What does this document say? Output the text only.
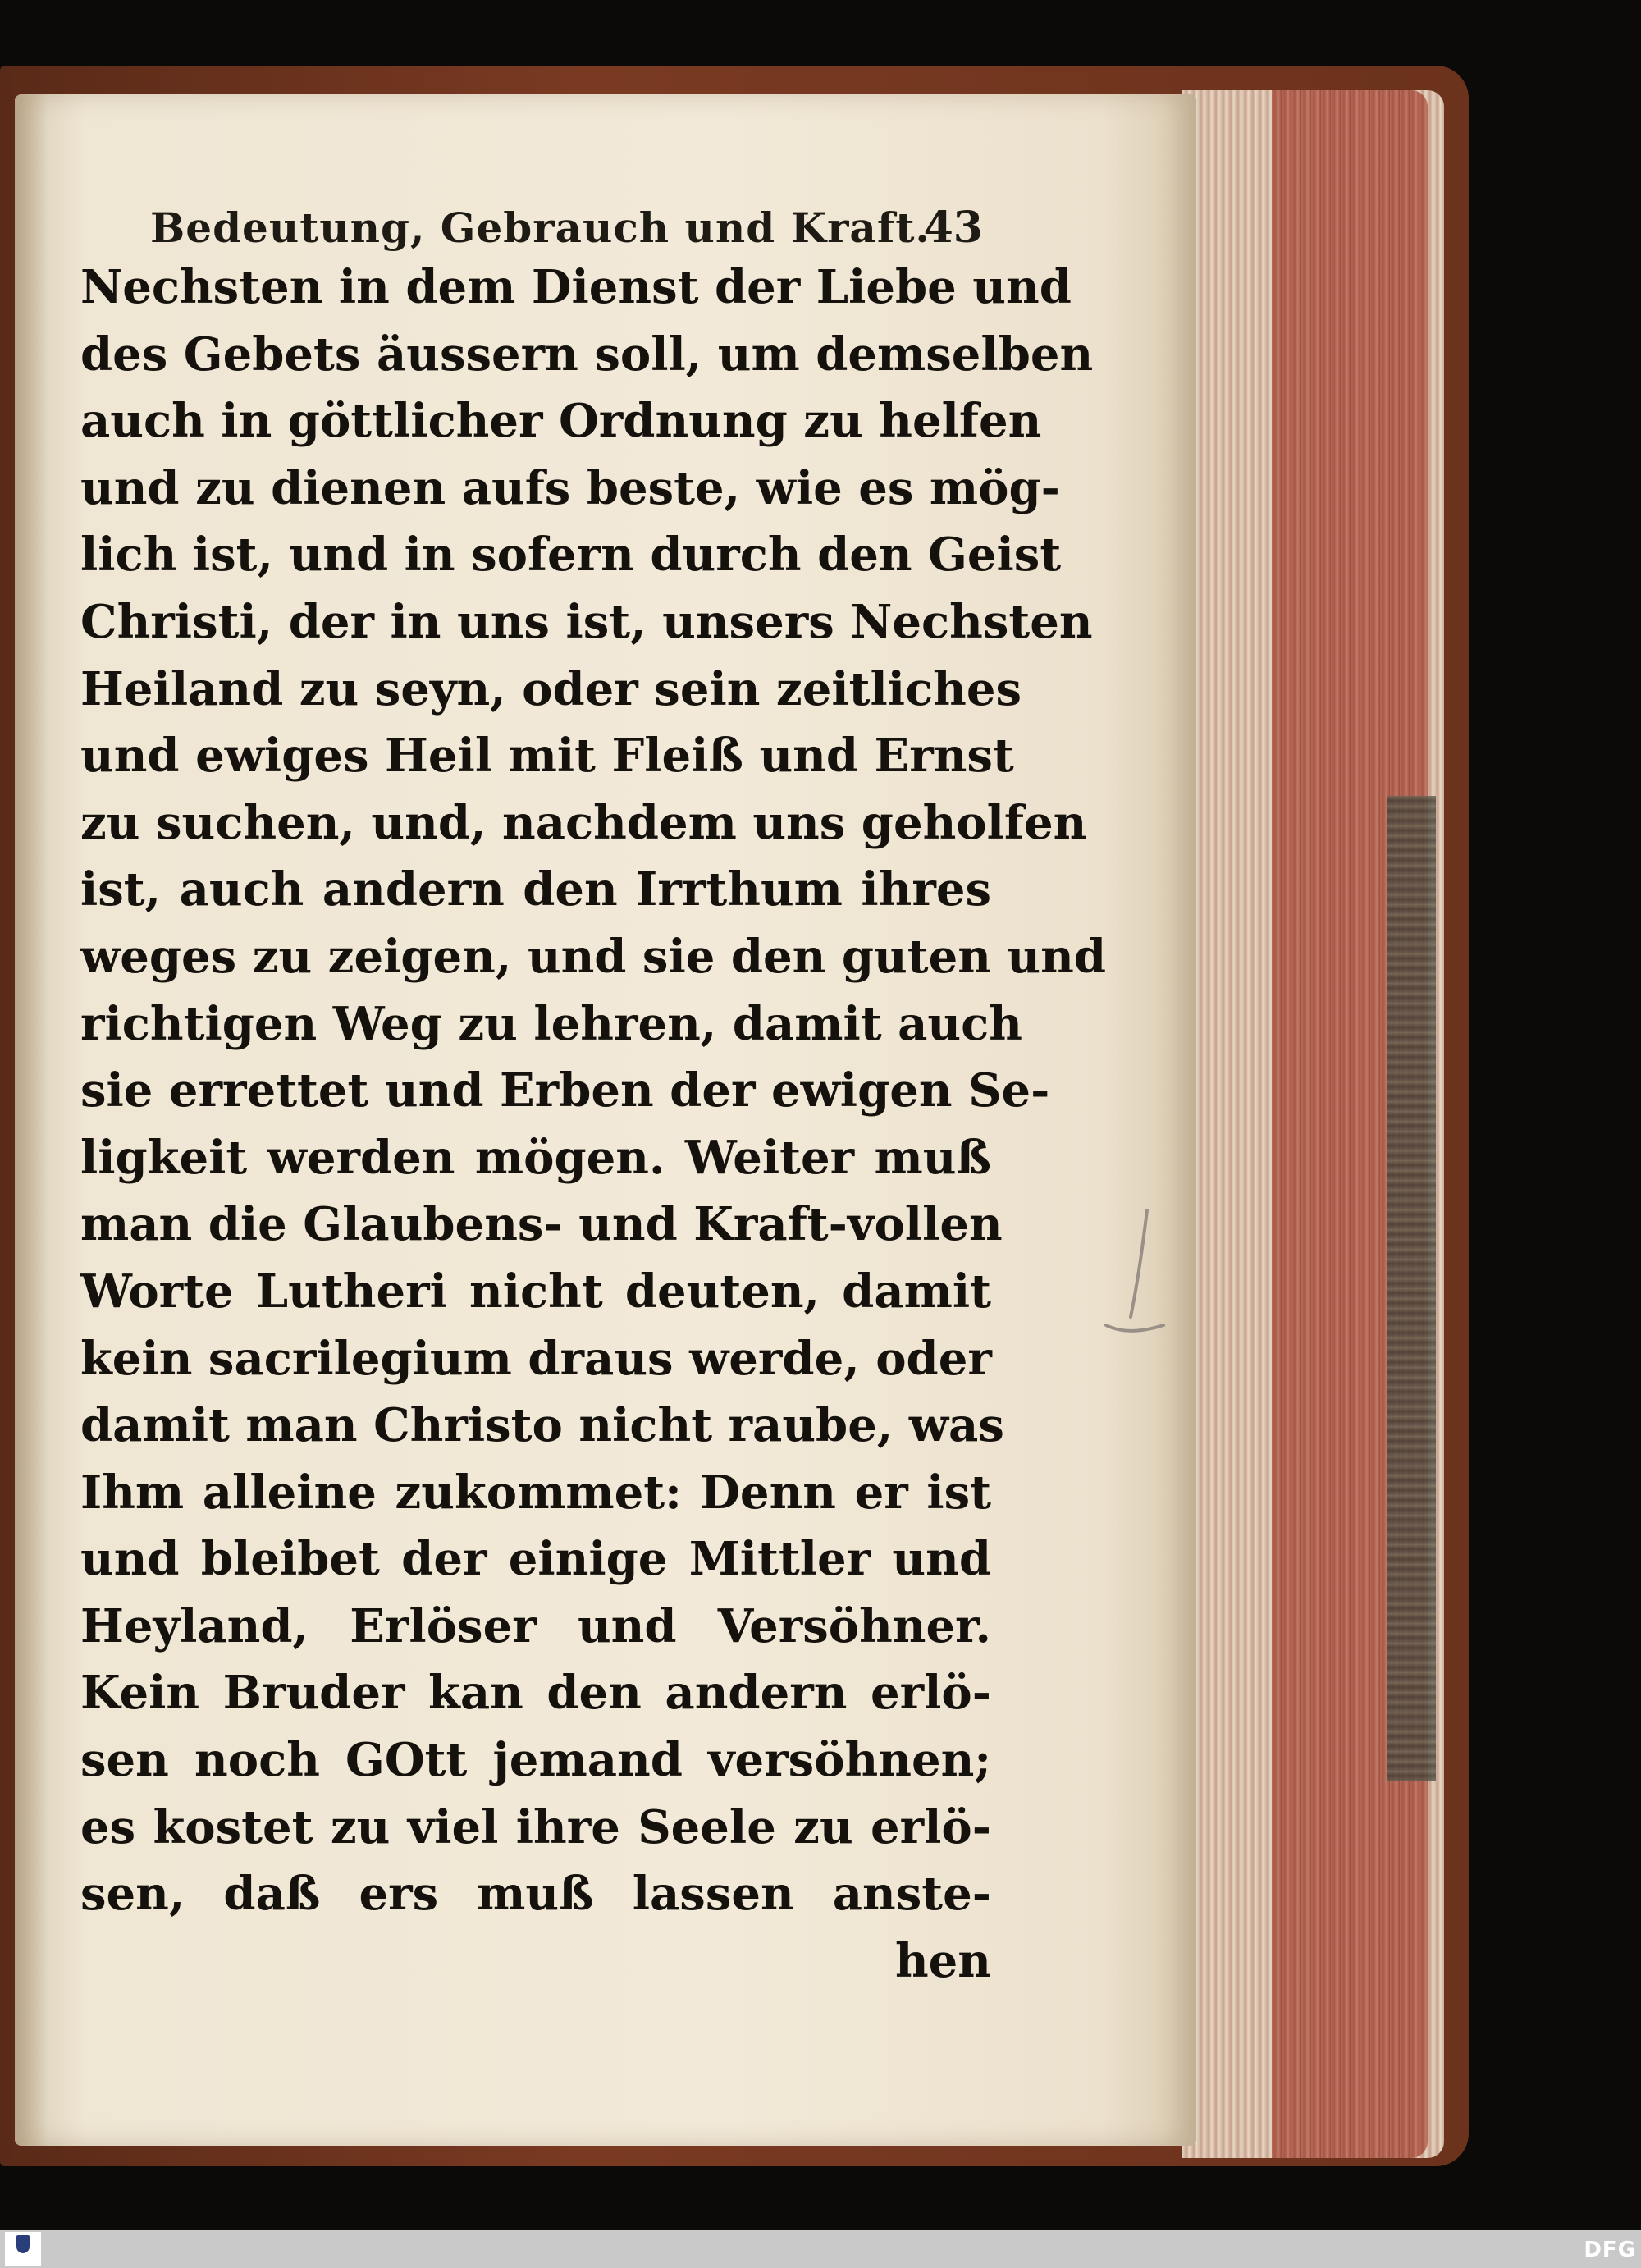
Bedeutung, Gebrauch und Kraft.
43
Nechsten in dem Dienst der Liebe und
des Gebets äussern soll, um demselben
auch in göttlicher Ordnung zu helfen
und zu dienen aufs beste, wie es mög-
lich ist, und in sofern durch den Geist
Christi, der in uns ist, unsers Nechsten
Heiland zu seyn, oder sein zeitliches
und ewiges Heil mit Fleiß und Ernst
zu suchen, und, nachdem uns geholfen
ist, auch andern den Irrthum ihres
weges zu zeigen, und sie den guten und
richtigen Weg zu lehren, damit auch
sie errettet und Erben der ewigen Se-
ligkeit werden mögen. Weiter muß
man die Glaubens- und Kraft-vollen
Worte Lutheri nicht deuten, damit
kein sacrilegium draus werde, oder
damit man Christo nicht raube, was
Ihm alleine zukommet: Denn er ist
und bleibet der einige Mittler und
Heyland, Erlöser und Versöhner.
Kein Bruder kan den andern erlö-
sen noch GOtt jemand versöhnen;
es kostet zu viel ihre Seele zu erlö-
sen, daß ers muß lassen anste-
hen
DFG
